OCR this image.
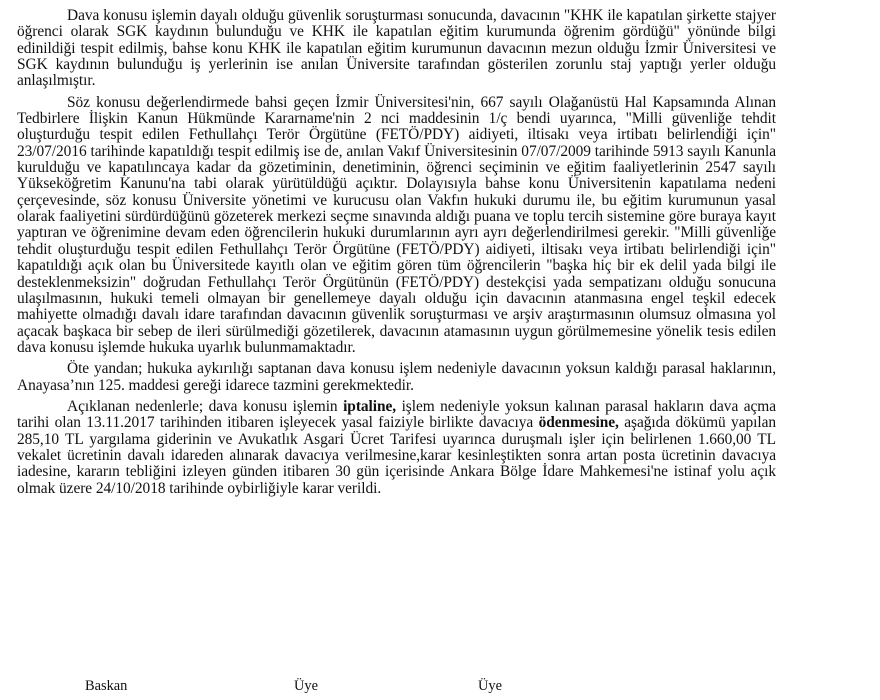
Dava konusu işlemin dayalı olduğu güvenlik soruşturması sonucunda, davacının "KHK ile kapatılan şirkette stajyer öğrenci olarak SGK kaydının bulunduğu ve KHK ile kapatılan eğitim kurumunda öğrenim gördüğü" yönünde bilgi edinildiği tespit edilmiş, bahse konu KHK ile kapatılan eğitim kurumunun davacının mezun olduğu İzmir Üniversitesi ve SGK kaydının bulunduğu iş yerlerinin ise anılan Üniversite tarafından gösterilen zorunlu staj yaptığı yerler olduğu anlaşılmıştır.

Söz konusu değerlendirmede bahsi geçen İzmir Üniversitesi'nin, 667 sayılı Olağanüstü Hal Kapsamında Alınan Tedbirlere İlişkin Kanun Hükmünde Kararname'nin 2 nci maddesinin 1/ç bendi uyarınca, "Milli güvenliğe tehdit oluşturduğu tespit edilen Fethullahçı Terör Örgütüne (FETÖ/PDY) aidiyeti, iltisakı veya irtibatı belirlendiği için" 23/07/2016 tarihinde kapatıldığı tespit edilmiş ise de, anılan Vakıf Üniversitesinin 07/07/2009 tarihinde 5913 sayılı Kanunla kurulduğu ve kapatılıncaya kadar da gözetiminin, denetiminin, öğrenci seçiminin ve eğitim faaliyetlerinin 2547 sayılı Yükseköğretim Kanunu'na tabi olarak yürütüldüğü açıktır. Dolayısıyla bahse konu Üniversitenin kapatılama nedeni çerçevesinde, söz konusu Üniversite yönetimi ve kurucusu olan Vakfın hukuki durumu ile, bu eğitim kurumunun yasal olarak faaliyetini sürdürdüğünü gözeterek merkezi seçme sınavında aldığı puana ve toplu tercih sistemine göre buraya kayıt yaptıran ve öğrenimine devam eden öğrencilerin hukuki durumlarının ayrı ayrı değerlendirilmesi gerekir. "Milli güvenliğe tehdit oluşturduğu tespit edilen Fethullahçı Terör Örgütüne (FETÖ/PDY) aidiyeti, iltisakı veya irtibatı belirlendiği için" kapatıldığı açık olan bu Üniversitede kayıtlı olan ve eğitim gören tüm öğrencilerin "başka hiç bir ek delil yada bilgi ile desteklenmeksizin" doğrudan Fethullahçı Terör Örgütünün (FETÖ/PDY) destekçisi yada sempatizanı olduğu sonucuna ulaşılmasının, hukuki temeli olmayan bir genellemeye dayalı olduğu için davacının atanmasına engel teşkil edecek mahiyette olmadığı davalı idare tarafından davacının güvenlik soruşturması ve arşiv araştırmasının olumsuz olmasına yol açacak başkaca bir sebep de ileri sürülmediği gözetilerek, davacının atamasının uygun görülmemesine yönelik tesis edilen dava konusu işlemde hukuka uyarlık bulunmamaktadır.

Öte yandan; hukuka aykırılığı saptanan dava konusu işlem nedeniyle davacının yoksun kaldığı parasal haklarının, Anayasa’nın 125. maddesi gereği idarece tazmini gerekmektedir.

Açıklanan nedenlerle; dava konusu işlemin iptaline, işlem nedeniyle yoksun kalınan parasal hakların dava açma tarihi olan 13.11.2017 tarihinden itibaren işleyecek yasal faiziyle birlikte davacıya ödenmesine, aşağıda dökümü yapılan 285,10 TL yargılama giderinin ve Avukatlık Asgari Ücret Tarifesi uyarınca duruşmalı işler için belirlenen 1.660,00 TL vekalet ücretinin davalı idareden alınarak davacıya verilmesine,karar kesinleştikten sonra artan posta ücretinin davacıya iadesine, kararın tebliğini izleyen günden itibaren 30 gün içerisinde Ankara Bölge İdare Mahkemesi'ne istinaf yolu açık olmak üzere 24/10/2018 tarihinde oybirliğiyle karar verildi.

Baskan	Üye	Üye
